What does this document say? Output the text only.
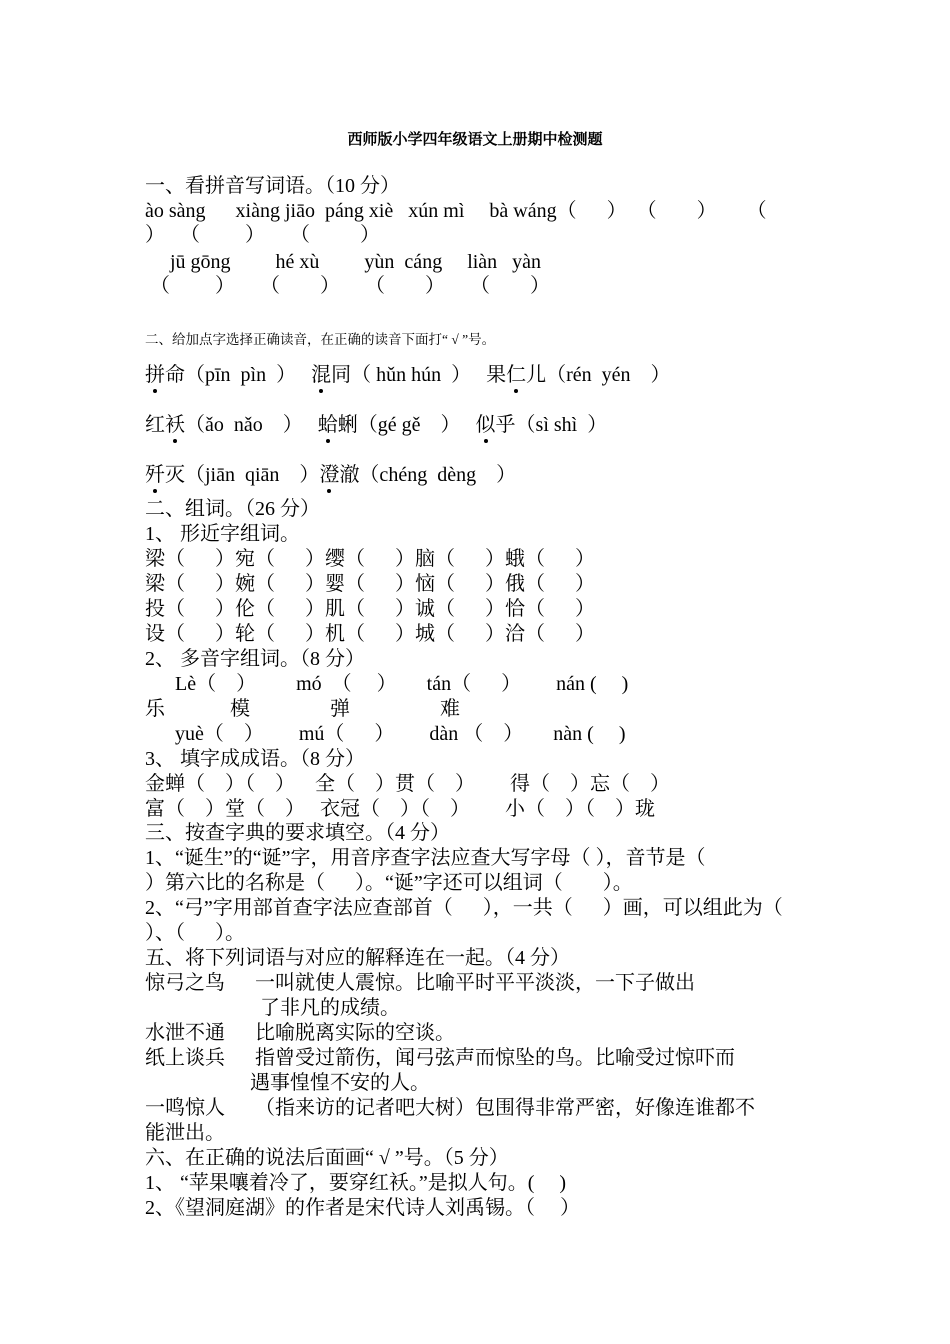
西师版小学四年级语文上册期中检测题
一、看拼音写词语。（10 分）
ào sàng      xiàng jiāo  páng xiè   xún mì     bà wáng（      ）  （        ）      （
）   （         ）     （          ）
jū gōng         hé xù         yùn  cáng     liàn   yàn
（         ）     （        ）     （        ）     （        ）
二、给加点字选择正确读音，在正确的读音下面打“ √ ”号。
拼命（pīn  pìn  ）   混同（ hǔn hún  ）   果仁儿（rén  yén    ）
红袄（ǎo  nǎo    ）   蛤蜊（gé gě    ）   似乎（sì shì  ）
歼灭（jiān  qiān    ）澄澈（chéng  dèng    ）
二、组词。（26 分）
1、 形近字组词。
梁（      ）宛（      ）缨（      ）脑（      ）蛾（      ）
梁（      ）婉（      ）婴（      ）恼（      ）俄（      ）
投（      ）伦（      ）肌（      ）诚（      ）恰（      ）
设（      ）轮（      ）机（      ）城（      ）洽（      ）
2、 多音字组词。（8 分）
Lè（    ）        mó  （     ）      tán（      ）       nán (     )
乐             模                弹                  难
yuè（    ）       mú（      ）       dàn （    ）      nàn (     )
3、 填字成成语。（8 分）
金蝉（    ）（    ）    全（    ）贯（    ）       得（    ）忘（    ）
富（    ）堂（    ）   衣冠（    ）（    ）       小（    ）（    ）珑
三、按查字典的要求填空。（4 分）
1、“诞生”的“诞”字，用音序查字法应查大写字母（ ），音节是（
）第六比的名称是（      ）。“诞”字还可以组词（        ）。
2、“弓”字用部首查字法应查部首（      ），一共（      ）画，可以组此为（
）、（      ）。
五、将下列词语与对应的解释连在一起。（4 分）
惊弓之鸟      一叫就使人震惊。比喻平时平平淡淡，一下子做出
了非凡的成绩。
水泄不通      比喻脱离实际的空谈。
纸上谈兵      指曾受过箭伤，闻弓弦声而惊坠的鸟。比喻受过惊吓而
遇事惶惶不安的人。
一鸣惊人      （指来访的记者吧大树）包围得非常严密，好像连谁都不
能泄出。
六、在正确的说法后面画“ √ ”号。（5 分）
1、 “苹果嚷着冷了，要穿红袄。”是拟人句。(     )
2、《望洞庭湖》的作者是宋代诗人刘禹锡。（     ）
